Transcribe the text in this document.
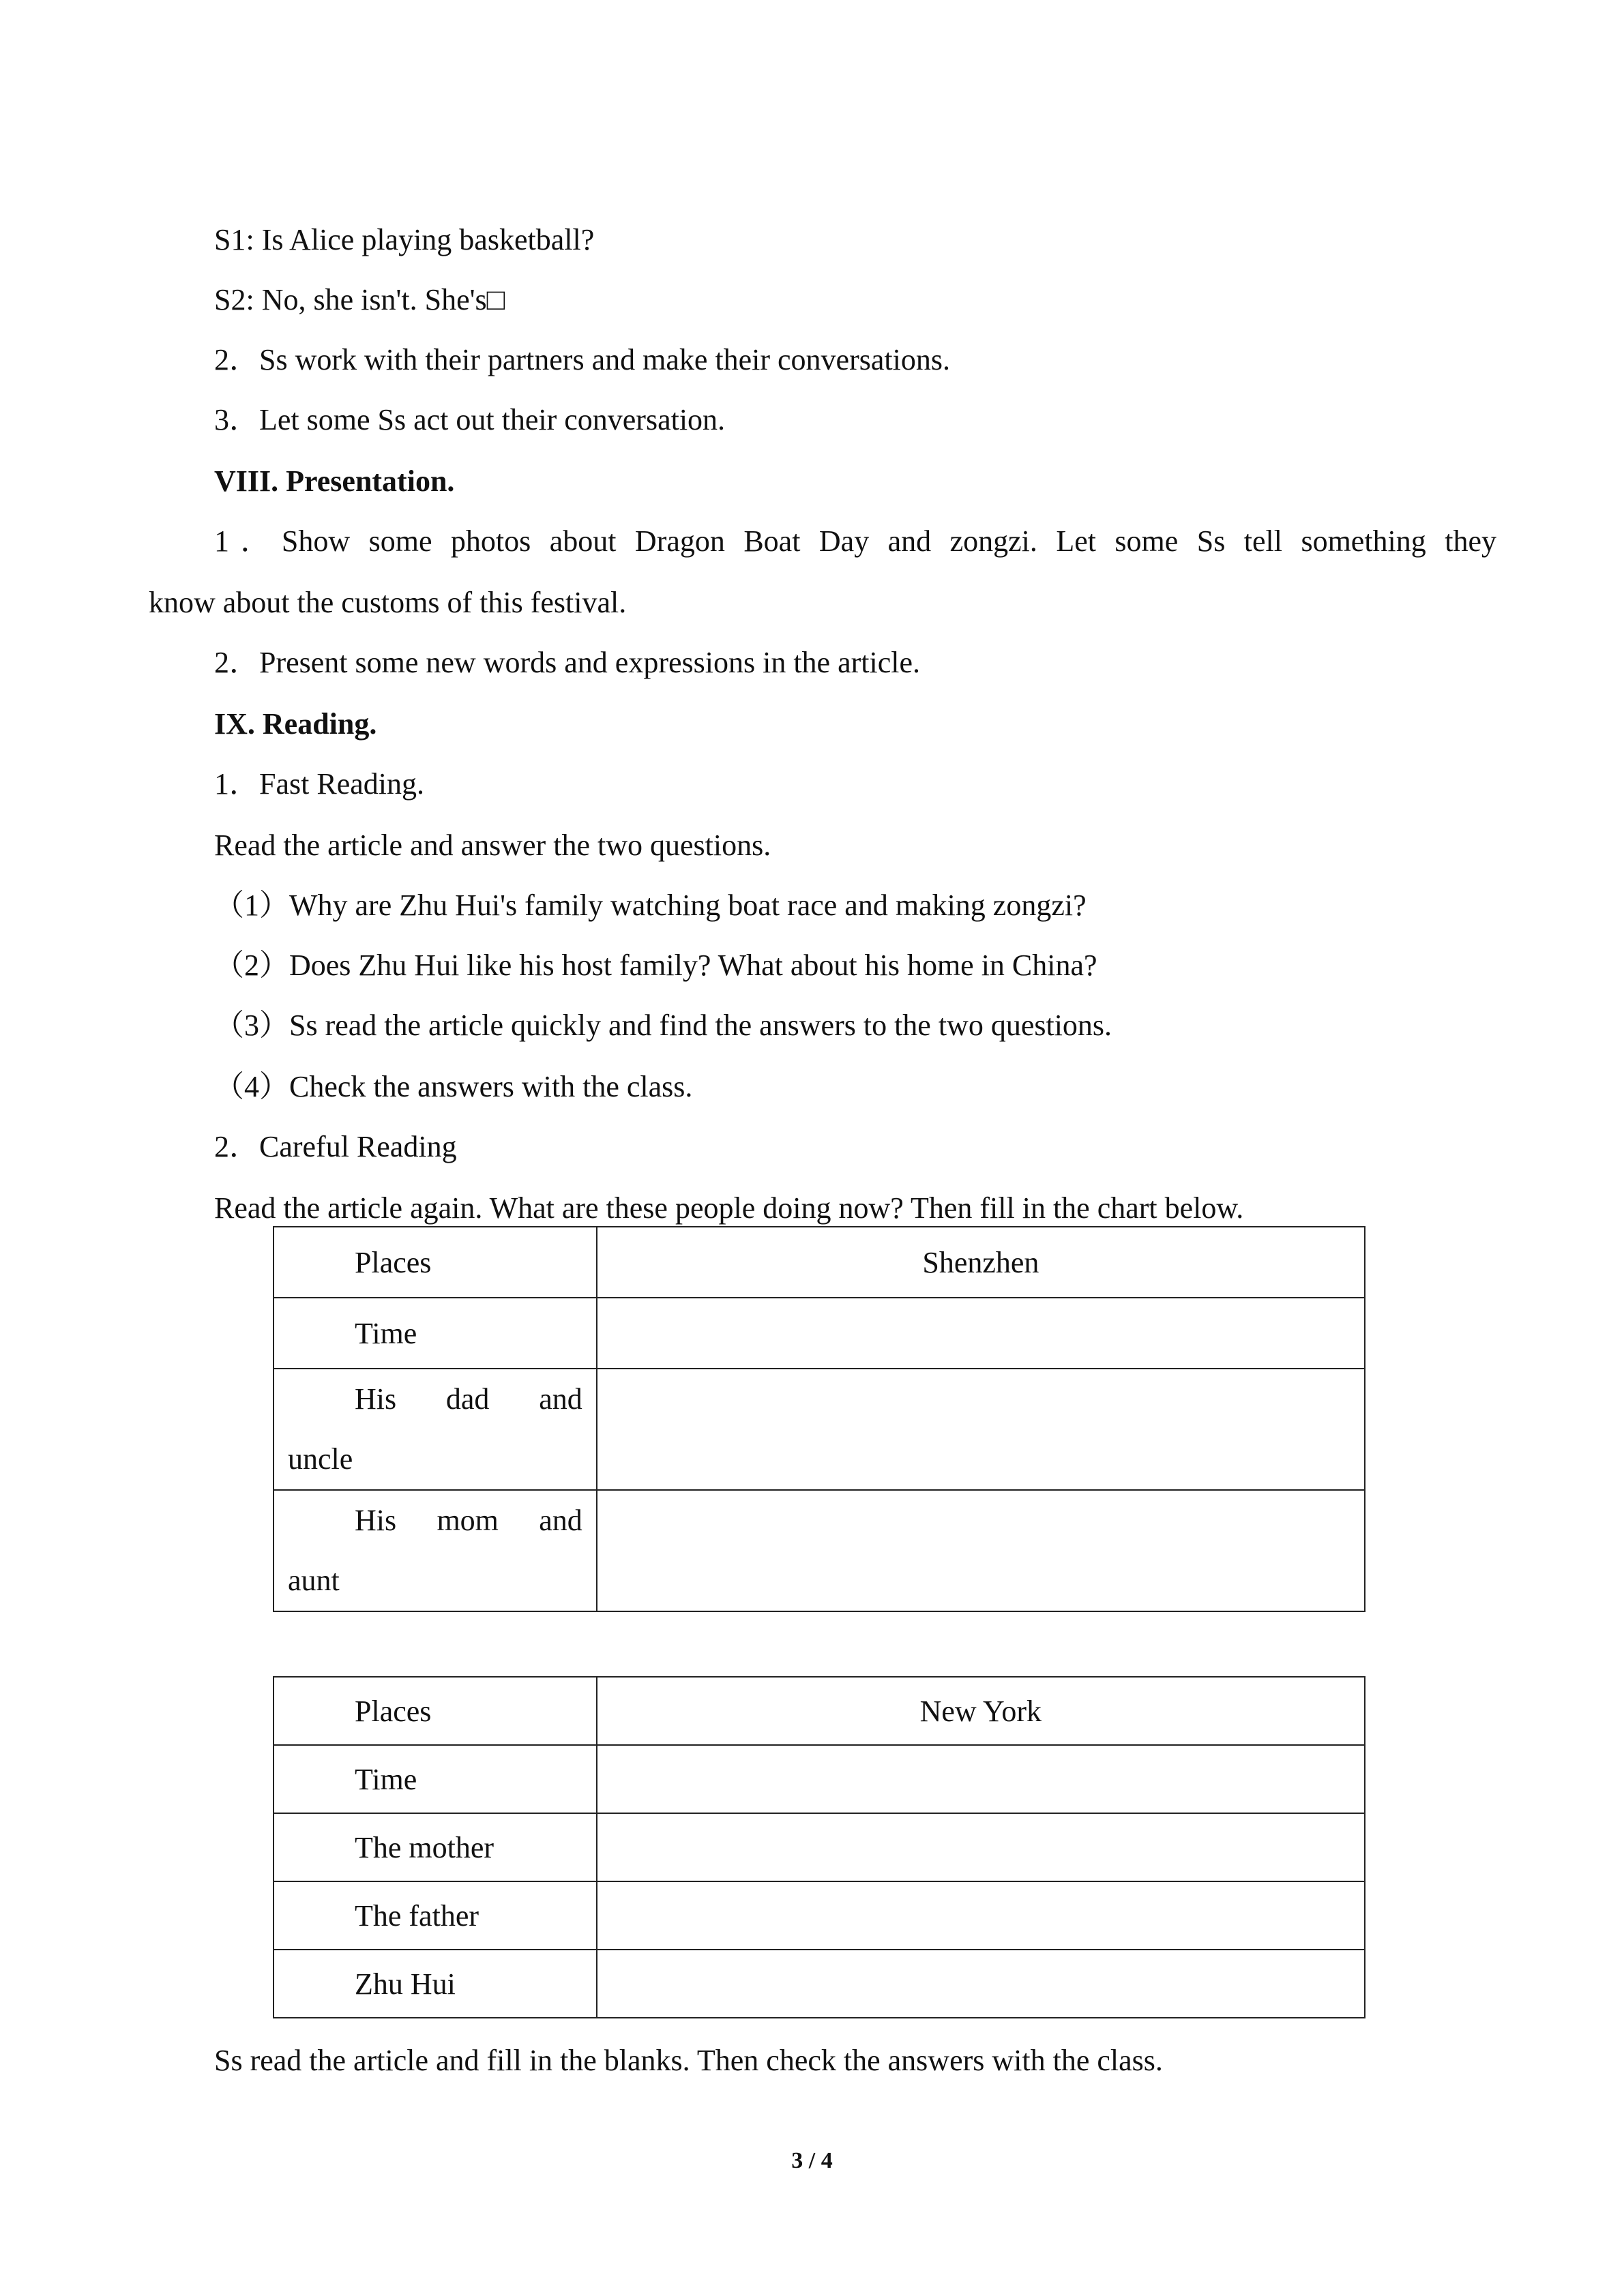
S1: Is Alice playing basketball?
S2: No, she isn't. She's□
2．Ss work with their partners and make their conversations.
3．Let some Ss act out their conversation.
VIII. Presentation.
1．Show some photos about Dragon Boat Day and zongzi. Let some Ss tell something they
know about the customs of this festival.
2．Present some new words and expressions in the article.
IX. Reading.
1．Fast Reading.
Read the article and answer the two questions.
（1）Why are Zhu Hui's family watching boat race and making zongzi?
（2）Does Zhu Hui like his host family? What about his home in China?
（3）Ss read the article quickly and find the answers to the two questions.
（4）Check the answers with the class.
2．Careful Reading
Read the article again. What are these people doing now? Then fill in the chart below.
Places	Shenzhen
Time	

His dad and
uncle	

His mom and
aunt	

Places	New York
Time	
The mother	
The father	
Zhu Hui	
Ss read the article and fill in the blanks. Then check the answers with the class.
3 / 4
